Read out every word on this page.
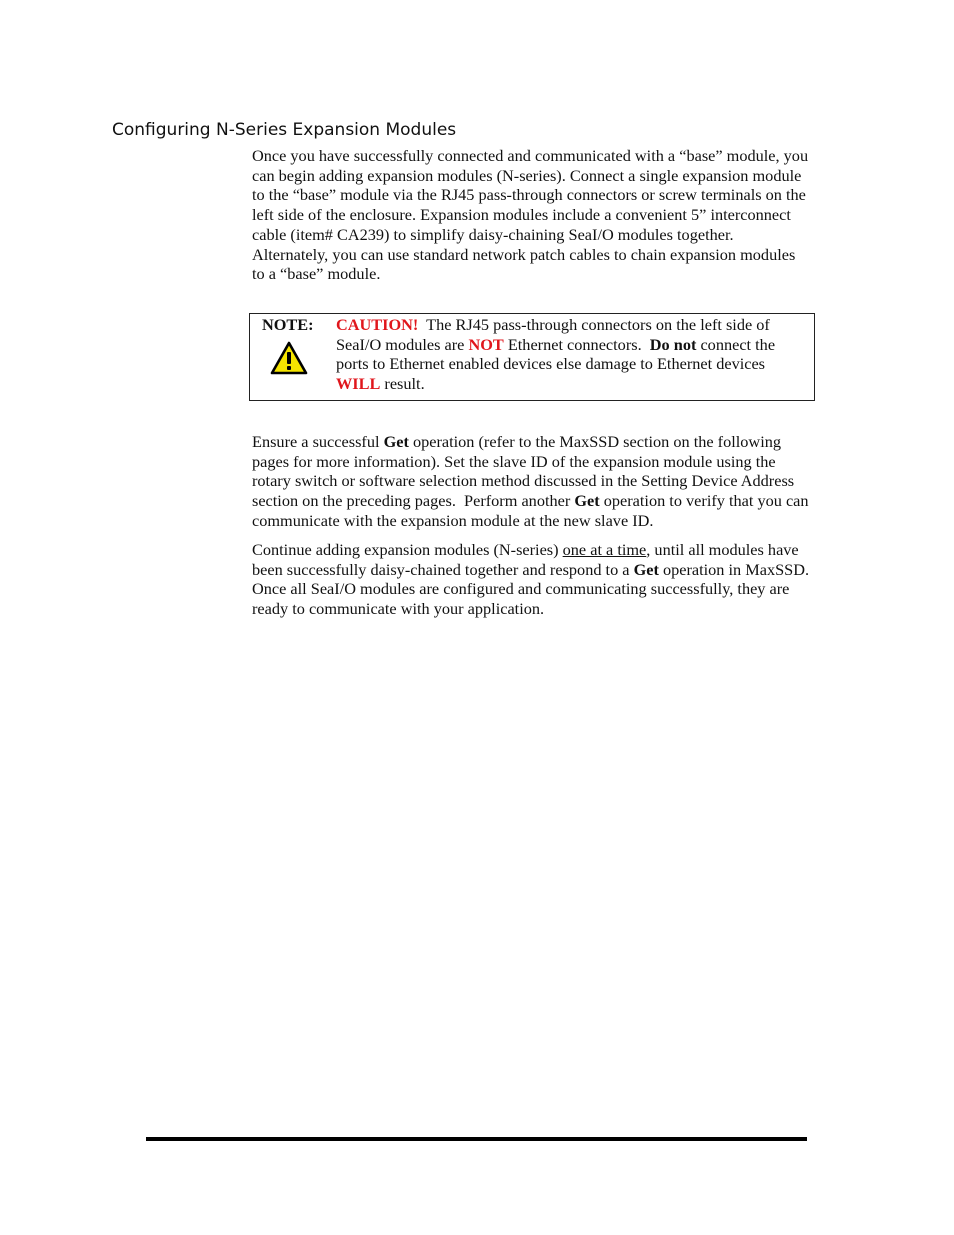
Configuring N-Series Expansion Modules
Once you have successfully connected and communicated with a “base” module, you
can begin adding expansion modules (N-series). Connect a single expansion module
to the “base” module via the RJ45 pass-through connectors or screw terminals on the
left side of the enclosure. Expansion modules include a convenient 5” interconnect
cable (item# CA239) to simplify daisy-chaining SeaI/O modules together.
Alternately, you can use standard network patch cables to chain expansion modules
to a “base” module.
NOTE: CAUTION!  The RJ45 pass-through connectors on the left side of
SeaI/O modules are NOT Ethernet connectors.  Do not connect the
ports to Ethernet enabled devices else damage to Ethernet devices
WILL result.
Ensure a successful Get operation (refer to the MaxSSD section on the following
pages for more information). Set the slave ID of the expansion module using the
rotary switch or software selection method discussed in the Setting Device Address
section on the preceding pages.  Perform another Get operation to verify that you can
communicate with the expansion module at the new slave ID.
Continue adding expansion modules (N-series) one at a time, until all modules have
been successfully daisy-chained together and respond to a Get operation in MaxSSD.
Once all SeaI/O modules are configured and communicating successfully, they are
ready to communicate with your application.
